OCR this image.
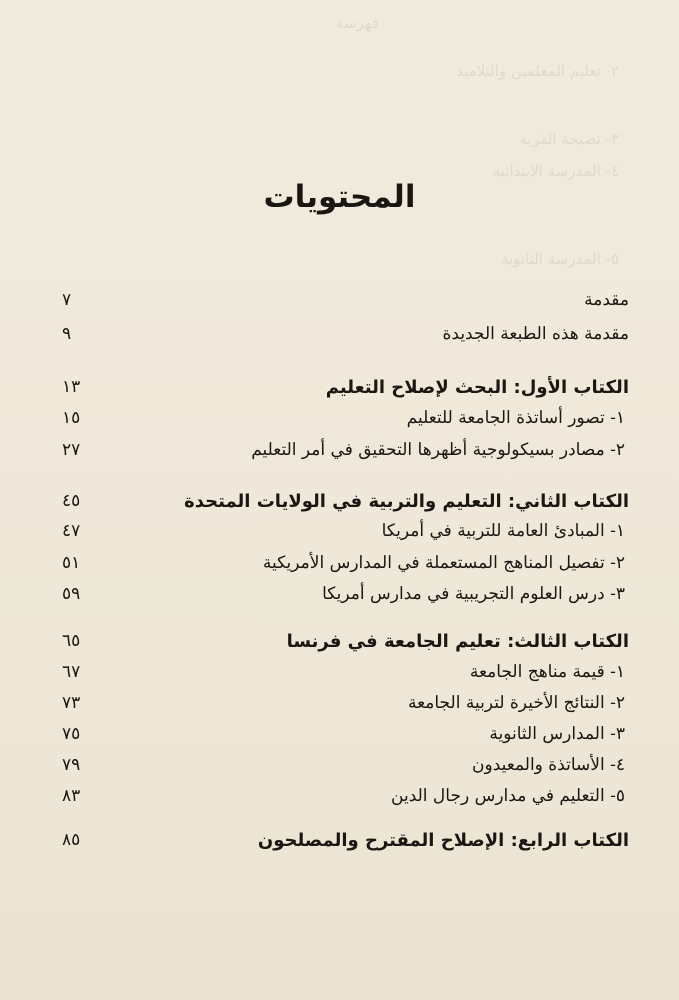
فهرسة
٢- تعليم المعلمين والتلاميذ
٣- نصيحة القرية
٤- المدرسة الابتدائية
٥- المدرسة الثانوية
المحتويات
مقدمة
٧
مقدمة هذه الطبعة الجديدة
٩
الكتاب الأول: البحث لإصلاح التعليم
١٣
١- تصور أساتذة الجامعة للتعليم
١٥
٢- مصادر بسيكولوجية أظهرها التحقيق في أمر التعليم
٢٧
الكتاب الثاني: التعليم والتربية في الولايات المتحدة
٤٥
١- المبادئ العامة للتربية في أمريكا
٤٧
٢- تفصيل المناهج المستعملة في المدارس الأمريكية
٥١
٣- درس العلوم التجريبية في مدارس أمريكا
٥٩
الكتاب الثالث: تعليم الجامعة في فرنسا
٦٥
١- قيمة مناهج الجامعة
٦٧
٢- النتائج الأخيرة لتربية الجامعة
٧٣
٣- المدارس الثانوية
٧٥
٤- الأساتذة والمعيدون
٧٩
٥- التعليم في مدارس رجال الدين
٨٣
الكتاب الرابع: الإصلاح المقترح والمصلحون
٨٥
